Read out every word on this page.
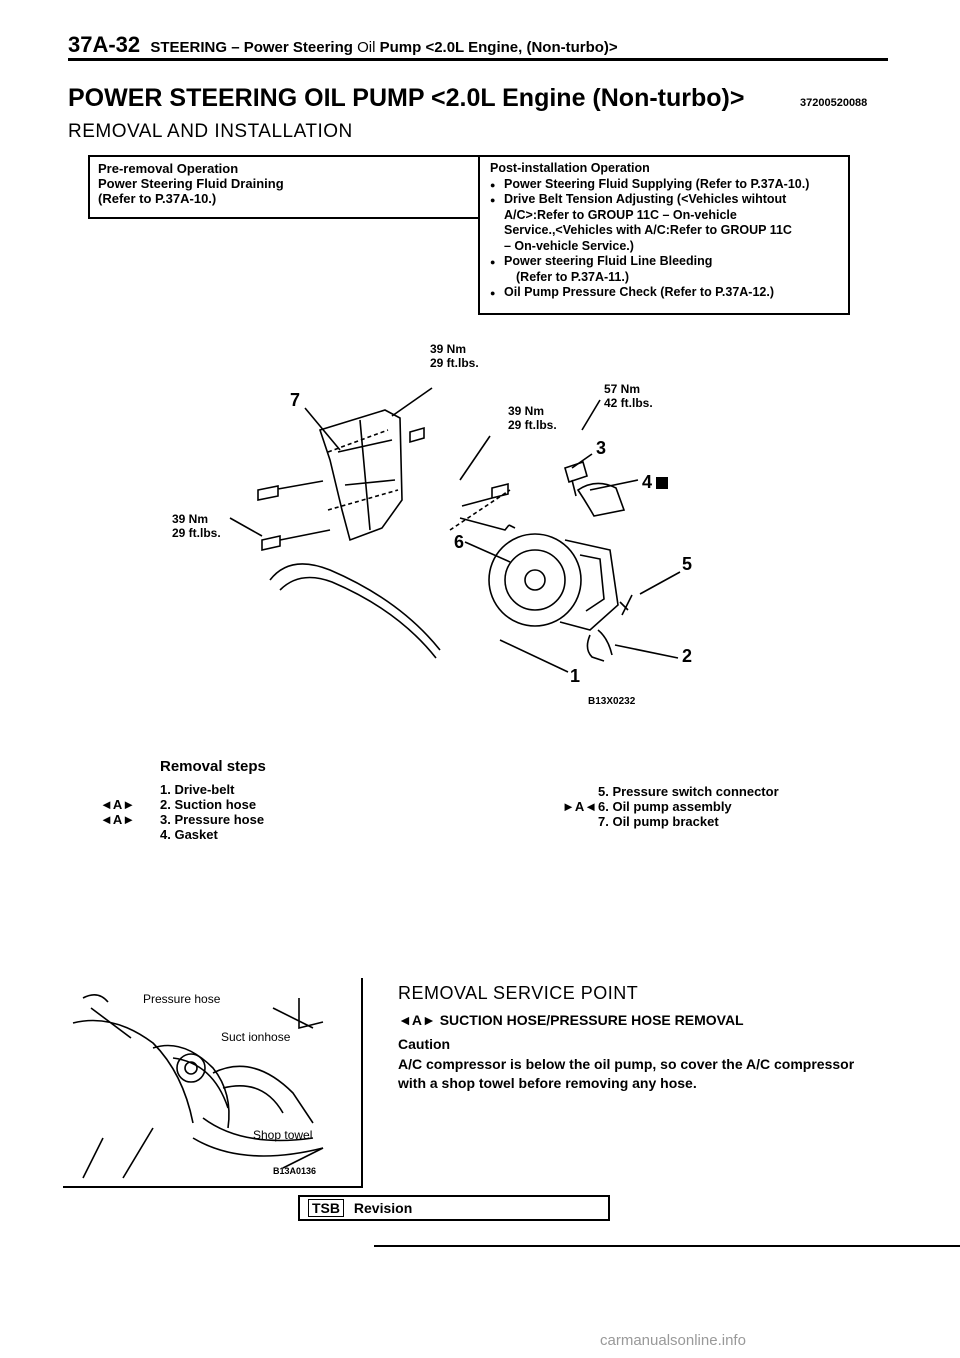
37A-32 STEERING – Power Steering Oil Pump <2.0L Engine, (Non-turbo)>
POWER STEERING OIL PUMP <2.0L Engine (Non-turbo)>	37200520088
REMOVAL AND INSTALLATION
Pre-removal Operation
Power Steering Fluid Draining
(Refer to P.37A-10.)
Post-installation Operation
● Power Steering Fluid Supplying (Refer to P.37A-10.)
● Drive Belt Tension Adjusting (<Vehicles wihtout
A/C>:Refer to GROUP 11C – On-vehicle
Service.,<Vehicles with A/C:Refer to GROUP 11C
– On-vehicle Service.)
● Power steering Fluid Line Bleeding
(Refer to P.37A-11.)
● Oil Pump Pressure Check (Refer to P.37A-12.)
39 Nm
29 ft.lbs.
39 Nm
29 ft.lbs.
57 Nm
42 ft.lbs.
39 Nm
29 ft.lbs.
7
3
4
5
6
2
1
B13X0232
Removal steps
1. Drive-belt
2. Suction hose
3. Pressure hose
4. Gasket
◄A►
◄A►
5. Pressure switch connector
6. Oil pump assembly
7. Oil pump bracket
►A◄
Pressure hose
Suct ionhose
Shop towel
B13A0136
REMOVAL SERVICE POINT
◄A► SUCTION HOSE/PRESSURE HOSE REMOVAL
Caution
A/C compressor is below the oil pump, so cover the A/C compressor with a shop towel before removing any hose.
TSB Revision
carmanualsonline.info
